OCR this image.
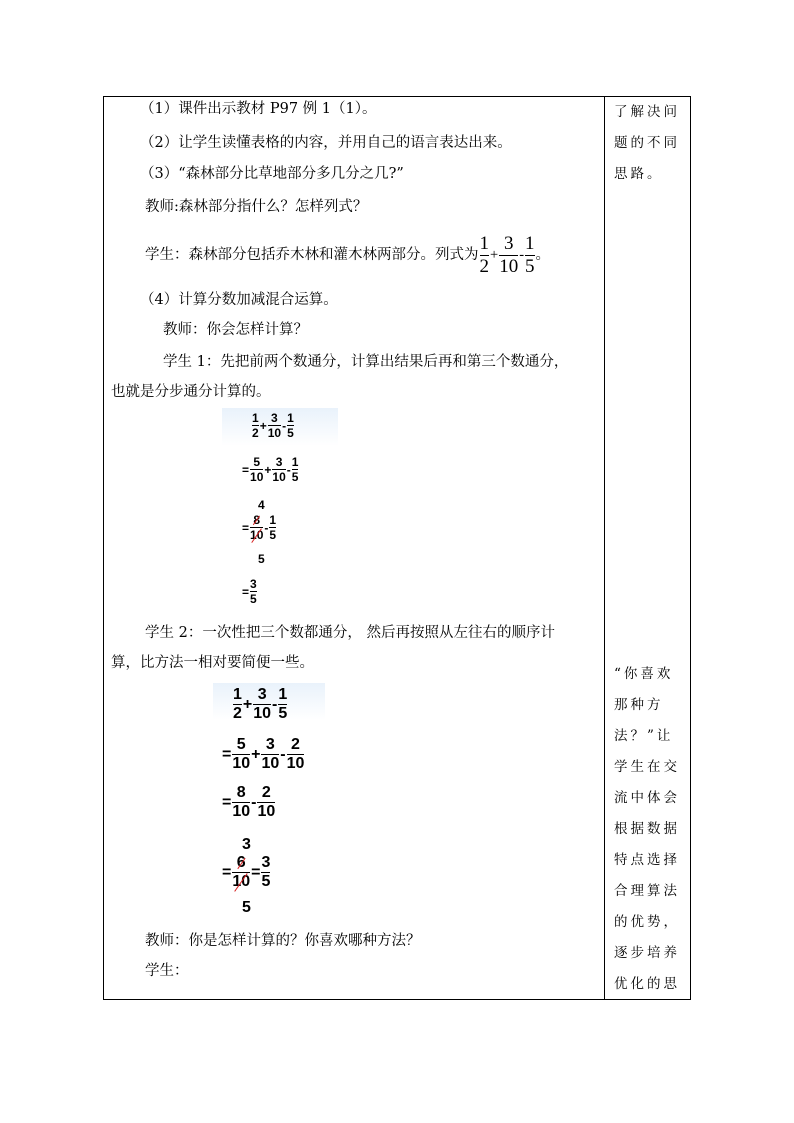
（1）课件出示教材 P97 例 1（1）。
（2）让学生读懂表格的内容，并用自己的语言表达出来。
（3）“森林部分比草地部分多几分之几?”
教师:森林部分指什么？怎样列式？
学生：森林部分包括乔木林和灌木林两部分。列式为 $\frac{1}{2} + \frac{3}{10} - \frac{1}{5}$ 。
（4）计算分数加减混合运算。
教师：你会怎样计算？
学生 1：先把前两个数通分，计算出结果后再和第三个数通分，
也就是分步通分计算的。
1
2
+
3
10
-
1
5
=
5
10
+
3
10
-
1
5
4
=
8
10
-
1
5
5
=
3
5
学生 2：一次性把三个数都通分， 然后再按照从左往右的顺序计
算，比方法一相对要简便一些。
1
2
+
3
10
-
1
5
=
5
10
+
3
10
-
2
10
=
8
10
-
2
10
3
=
6
10
=
3
5
5
教师：你是怎样计算的？你喜欢哪种方法？
学生：
了解决问
题的不同
思路。
“你喜欢
那种方
法？”让
学生在交
流中体会
根据数据
特点选择
合理算法
的优势，
逐步培养
优化的思
